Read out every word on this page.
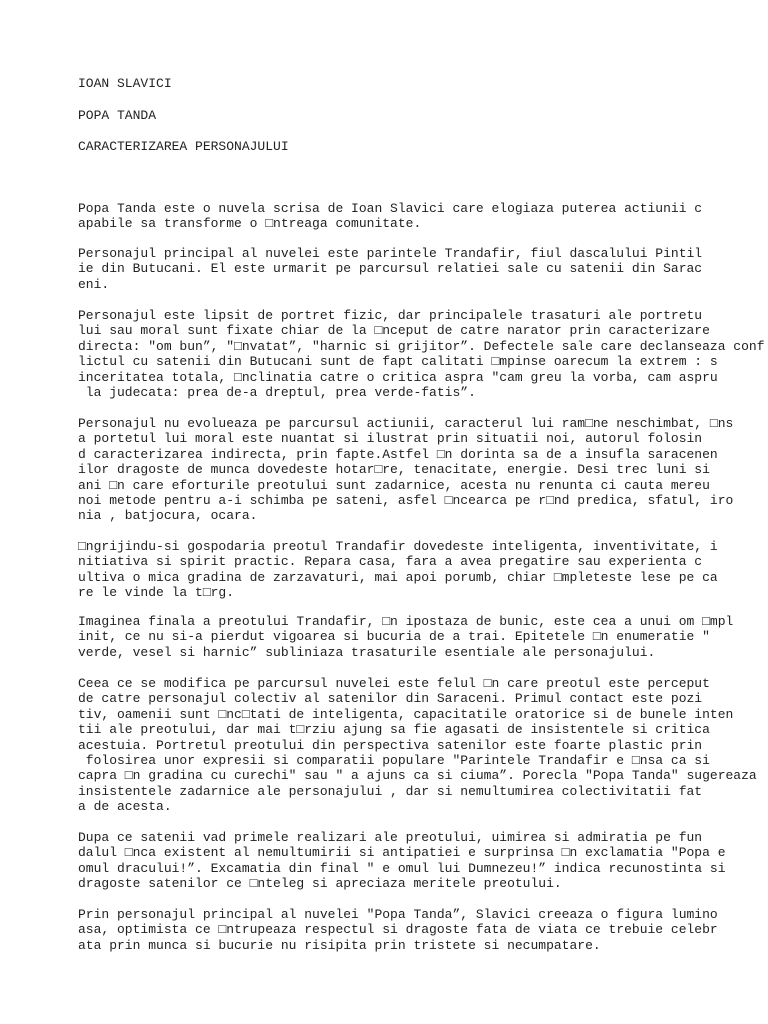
IOAN SLAVICI
POPA TANDA
CARACTERIZAREA PERSONAJULUI
Popa Tanda este o nuvela scrisa de Ioan Slavici care elogiaza puterea actiunii c
apabile sa transforme o □ntreaga comunitate.
Personajul principal al nuvelei este parintele Trandafir, fiul dascalului Pintil
ie din Butucani. El este urmarit pe parcursul relatiei sale cu satenii din Sarac
eni.
Personajul este lipsit de portret fizic, dar principalele trasaturi ale portretu
lui sau moral sunt fixate chiar de la □nceput de catre narator prin caracterizare
directa: "om bun”, "□nvatat”, "harnic si grijitor”. Defectele sale care declanseaza conf
lictul cu satenii din Butucani sunt de fapt calitati □mpinse oarecum la extrem : s
inceritatea totala, □nclinatia catre o critica aspra "cam greu la vorba, cam aspru
la judecata: prea de-a dreptul, prea verde-fatis”.
Personajul nu evolueaza pe parcursul actiunii, caracterul lui ram□ne neschimbat, □ns
a portetul lui moral este nuantat si ilustrat prin situatii noi, autorul folosin
d caracterizarea indirecta, prin fapte.Astfel □n dorinta sa de a insufla saracenen
ilor dragoste de munca dovedeste hotar□re, tenacitate, energie. Desi trec luni si
ani □n care eforturile preotului sunt zadarnice, acesta nu renunta ci cauta mereu
noi metode pentru a-i schimba pe sateni, asfel □ncearca pe r□nd predica, sfatul, iro
nia , batjocura, ocara.
□ngrijindu-si gospodaria preotul Trandafir dovedeste inteligenta, inventivitate, i
nitiativa si spirit practic. Repara casa, fara a avea pregatire sau experienta c
ultiva o mica gradina de zarzavaturi, mai apoi porumb, chiar □mpleteste lese pe ca
re le vinde la t□rg.
Imaginea finala a preotului Trandafir, □n ipostaza de bunic, este cea a unui om □mpl
init, ce nu si-a pierdut vigoarea si bucuria de a trai. Epitetele □n enumeratie "
verde, vesel si harnic” subliniaza trasaturile esentiale ale personajului.
Ceea ce se modifica pe parcursul nuvelei este felul □n care preotul este perceput
de catre personajul colectiv al satenilor din Saraceni. Primul contact este pozi
tiv, oamenii sunt □nc□tati de inteligenta, capacitatile oratorice si de bunele inten
tii ale preotului, dar mai t□rziu ajung sa fie agasati de insistentele si critica
acestuia. Portretul preotului din perspectiva satenilor este foarte plastic prin
folosirea unor expresii si comparatii populare "Parintele Trandafir e □nsa ca si
capra □n gradina cu curechi" sau " a ajuns ca si ciuma”. Porecla "Popa Tanda" sugereaza
insistentele zadarnice ale personajului , dar si nemultumirea colectivitatii fat
a de acesta.
Dupa ce satenii vad primele realizari ale preotului, uimirea si admiratia pe fun
dalul □nca existent al nemultumirii si antipatiei e surprinsa □n exclamatia "Popa e
omul dracului!”. Excamatia din final " e omul lui Dumnezeu!” indica recunostinta si
dragoste satenilor ce □nteleg si apreciaza meritele preotului.
Prin personajul principal al nuvelei "Popa Tanda”, Slavici creeaza o figura lumino
asa, optimista ce □ntrupeaza respectul si dragoste fata de viata ce trebuie celebr
ata prin munca si bucurie nu risipita prin tristete si necumpatare.
